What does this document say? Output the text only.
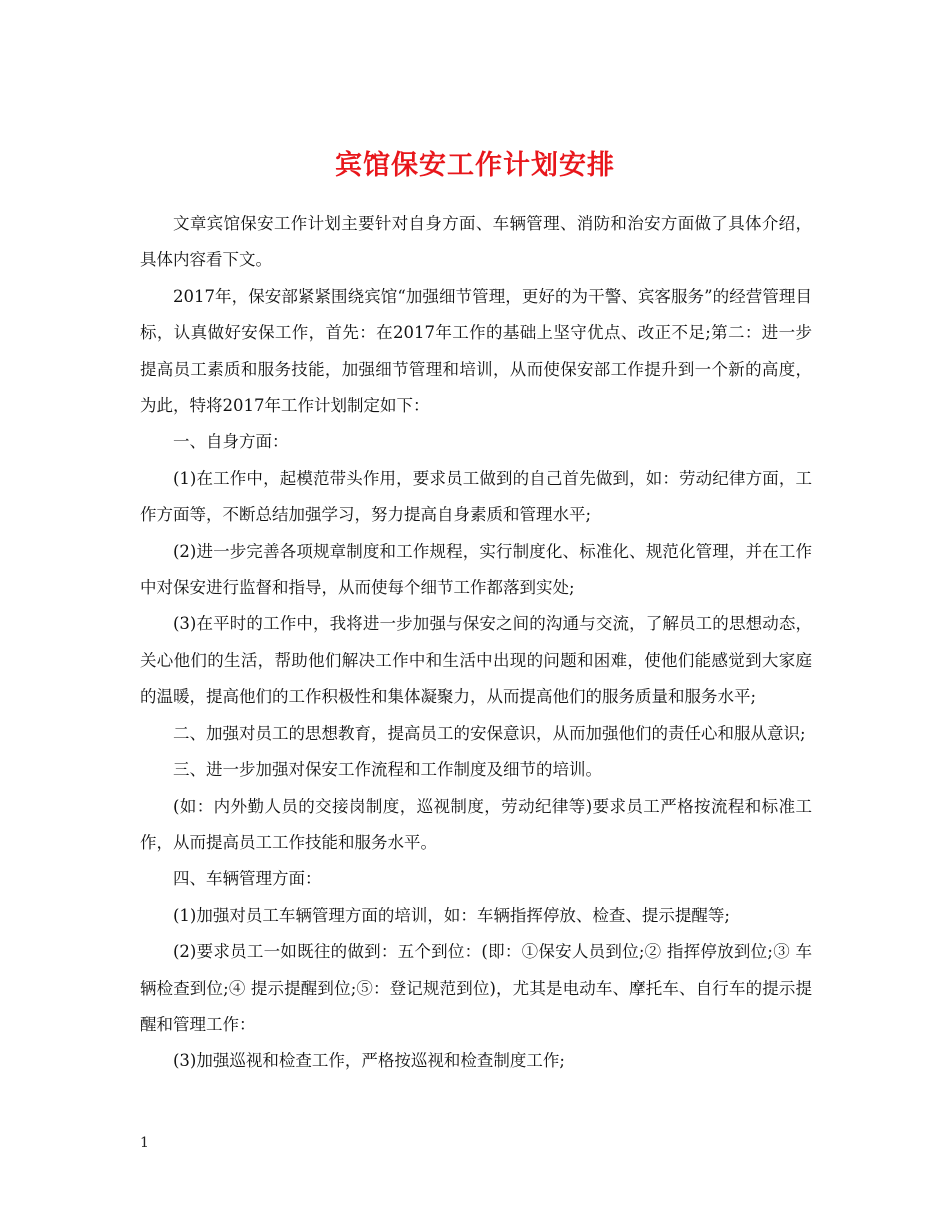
宾馆保安工作计划安排

文章宾馆保安工作计划主要针对自身方面、车辆管理、消防和治安方面做了具体介绍，具体内容看下文。

2017年，保安部紧紧围绕宾馆“加强细节管理，更好的为干警、宾客服务”的经营管理目标，认真做好安保工作，首先：在2017年工作的基础上坚守优点、改正不足;第二：进一步提高员工素质和服务技能，加强细节管理和培训，从而使保安部工作提升到一个新的高度，为此，特将2017年工作计划制定如下：

一、自身方面：

(1)在工作中，起模范带头作用，要求员工做到的自己首先做到，如：劳动纪律方面，工作方面等，不断总结加强学习，努力提高自身素质和管理水平;

(2)进一步完善各项规章制度和工作规程，实行制度化、标准化、规范化管理，并在工作中对保安进行监督和指导，从而使每个细节工作都落到实处;

(3)在平时的工作中，我将进一步加强与保安之间的沟通与交流，了解员工的思想动态，关心他们的生活，帮助他们解决工作中和生活中出现的问题和困难，使他们能感觉到大家庭的温暖，提高他们的工作积极性和集体凝聚力，从而提高他们的服务质量和服务水平;

二、加强对员工的思想教育，提高员工的安保意识，从而加强他们的责任心和服从意识;

三、进一步加强对保安工作流程和工作制度及细节的培训。

(如：内外勤人员的交接岗制度，巡视制度，劳动纪律等)要求员工严格按流程和标准工作，从而提高员工工作技能和服务水平。

四、车辆管理方面：

(1)加强对员工车辆管理方面的培训，如：车辆指挥停放、检查、提示提醒等;

(2)要求员工一如既往的做到：五个到位：(即：①保安人员到位;② 指挥停放到位;③ 车辆检查到位;④ 提示提醒到位;⑤：登记规范到位)，尤其是电动车、摩托车、自行车的提示提醒和管理工作：

(3)加强巡视和检查工作，严格按巡视和检查制度工作;

1
